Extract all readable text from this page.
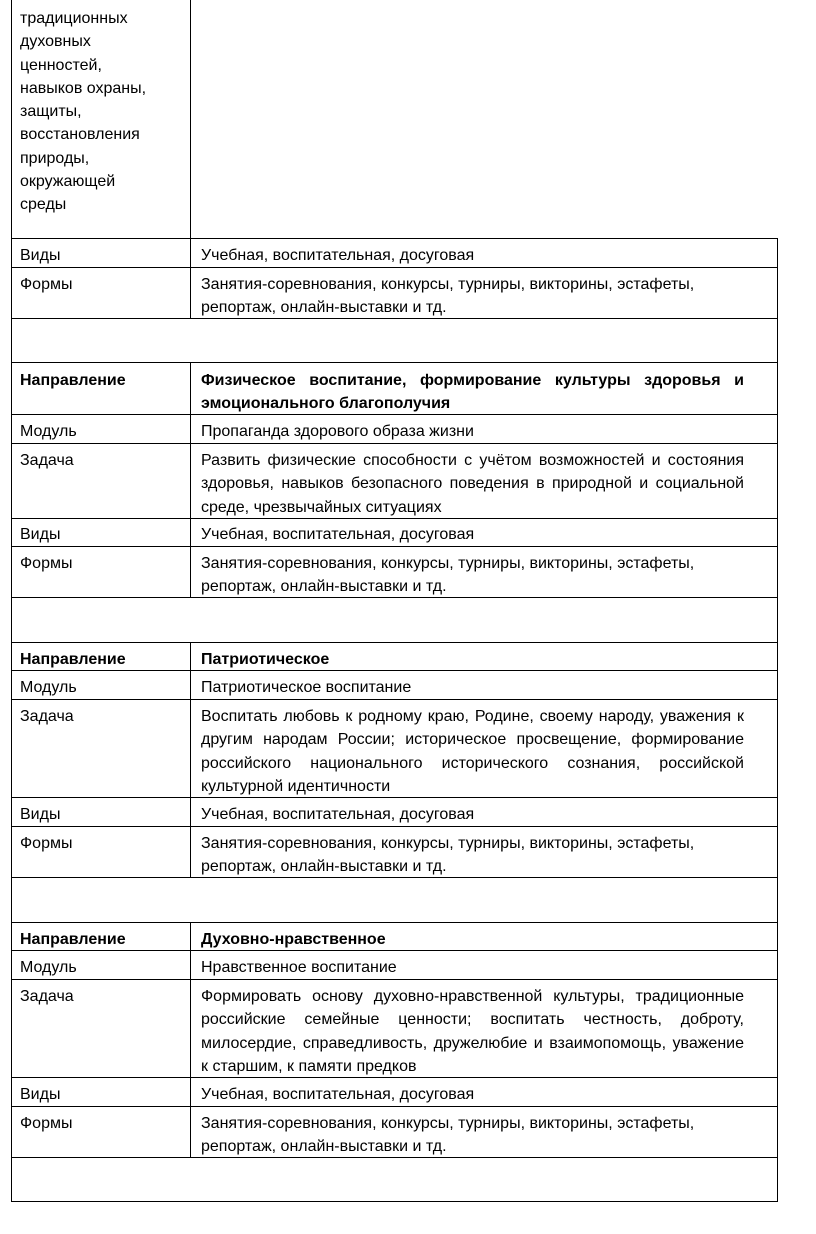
традиционных духовных ценностей, навыков охраны, защиты, восстановления природы, окружающей среды
Виды	Учебная, воспитательная, досуговая
Формы	Занятия-соревнования, конкурсы, турниры, викторины, эстафеты, репортаж, онлайн-выставки и тд.
Направление	Физическое воспитание, формирование культуры здоровья и эмоционального благополучия
Модуль	Пропаганда здорового образа жизни
Задача	Развить физические способности с учётом возможностей и состояния здоровья, навыков безопасного поведения в природной и социальной среде, чрезвычайных ситуациях
Виды	Учебная, воспитательная, досуговая
Формы	Занятия-соревнования, конкурсы, турниры, викторины, эстафеты, репортаж, онлайн-выставки и тд.
Направление	Патриотическое
Модуль	Патриотическое воспитание
Задача	Воспитать любовь к родному краю, Родине, своему народу, уважения к другим народам России; историческое просвещение, формирование российского национального исторического сознания, российской культурной идентичности
Виды	Учебная, воспитательная, досуговая
Формы	Занятия-соревнования, конкурсы, турниры, викторины, эстафеты, репортаж, онлайн-выставки и тд.
Направление	Духовно-нравственное
Модуль	Нравственное воспитание
Задача	Формировать основу духовно-нравственной культуры, традиционные российские семейные ценности; воспитать честность, доброту, милосердие, справедливость, дружелюбие и взаимопомощь, уважение к старшим, к памяти предков
Виды	Учебная, воспитательная, досуговая
Формы	Занятия-соревнования, конкурсы, турниры, викторины, эстафеты, репортаж, онлайн-выставки и тд.
